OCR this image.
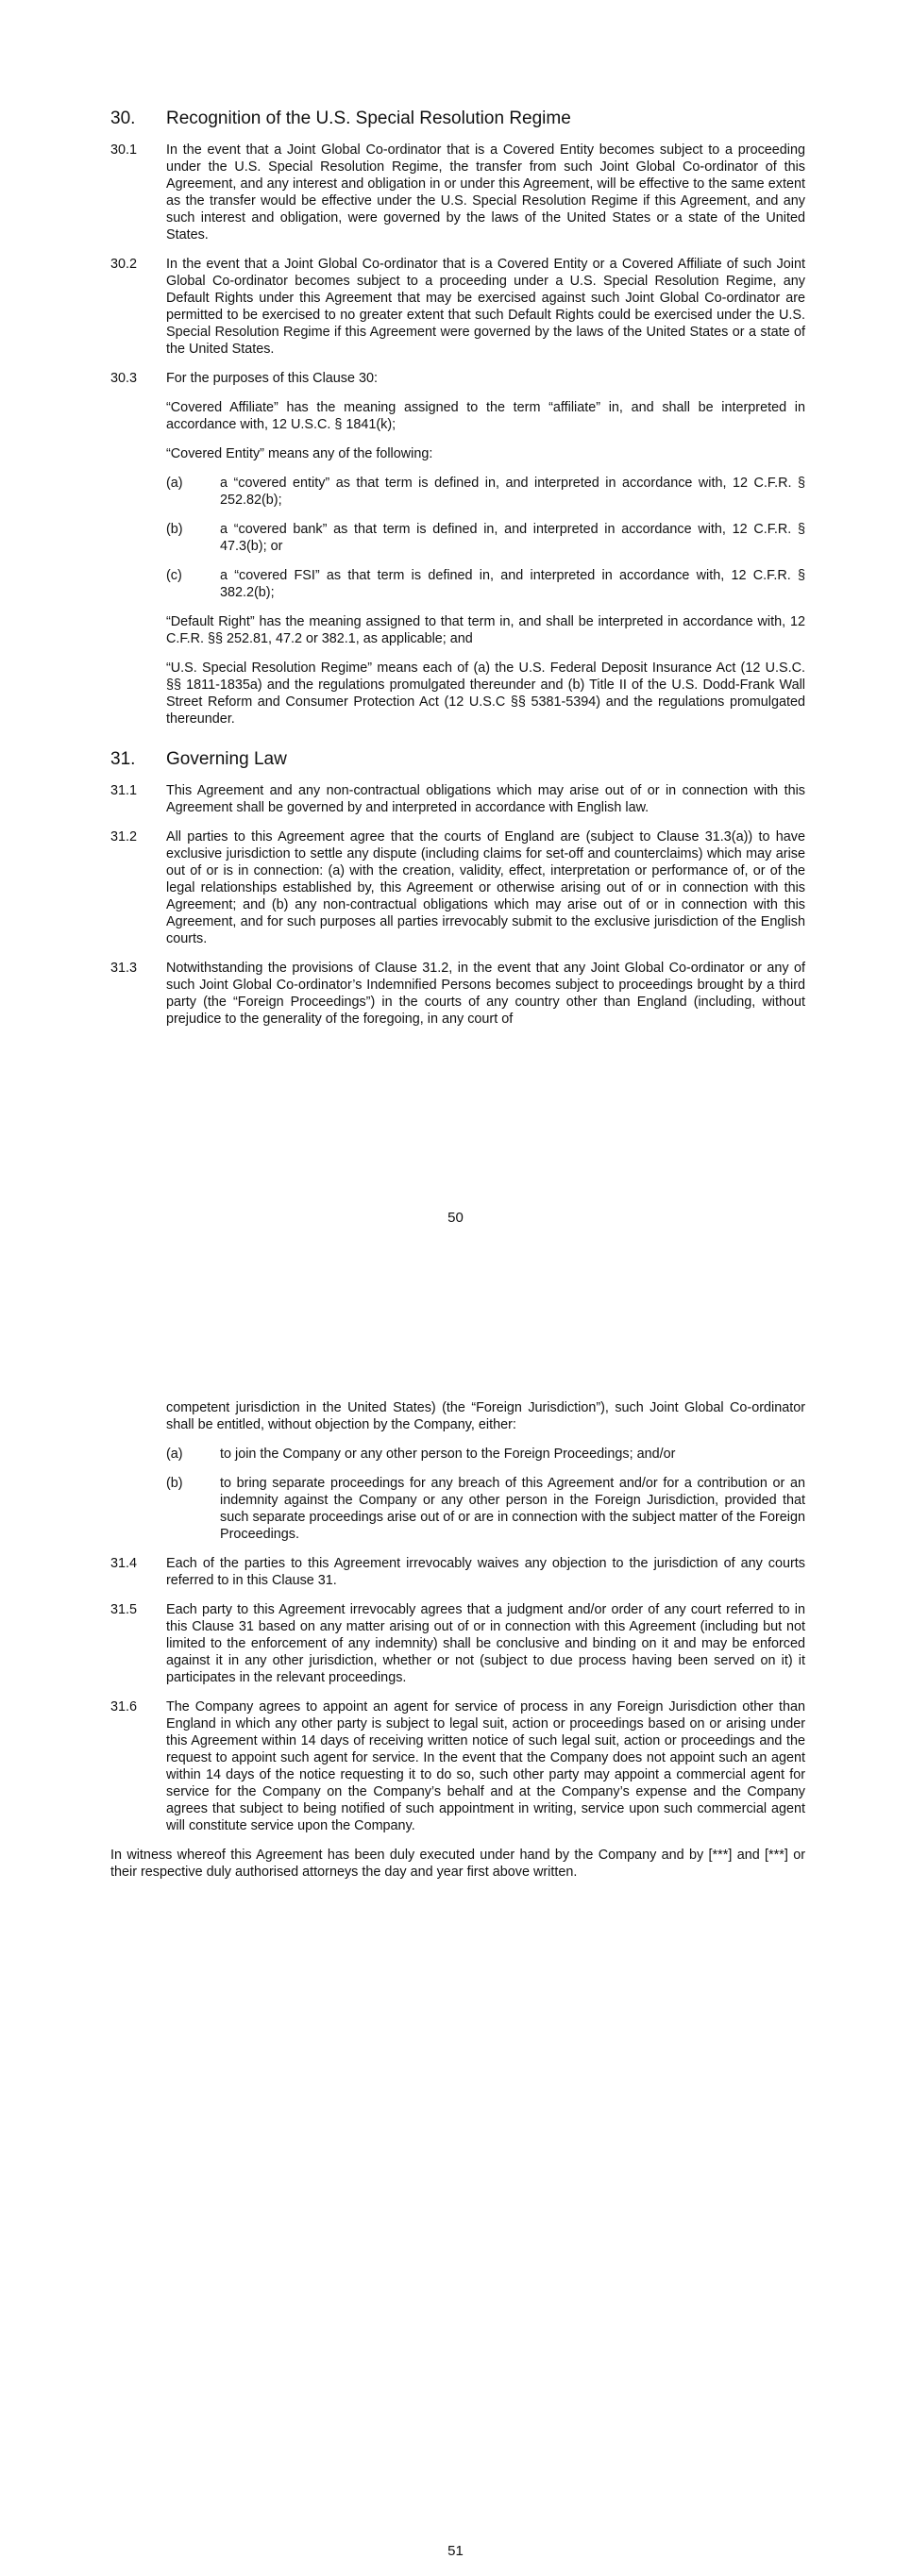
30.	Recognition of the U.S. Special Resolution Regime
30.1	In the event that a Joint Global Co-ordinator that is a Covered Entity becomes subject to a proceeding under the U.S. Special Resolution Regime, the transfer from such Joint Global Co-ordinator of this Agreement, and any interest and obligation in or under this Agreement, will be effective to the same extent as the transfer would be effective under the U.S. Special Resolution Regime if this Agreement, and any such interest and obligation, were governed by the laws of the United States or a state of the United States.

30.2	In the event that a Joint Global Co-ordinator that is a Covered Entity or a Covered Affiliate of such Joint Global Co-ordinator becomes subject to a proceeding under a U.S. Special Resolution Regime, any Default Rights under this Agreement that may be exercised against such Joint Global Co-ordinator are permitted to be exercised to no greater extent that such Default Rights could be exercised under the U.S. Special Resolution Regime if this Agreement were governed by the laws of the United States or a state of the United States.

30.3	For the purposes of this Clause 30:

“Covered Affiliate” has the meaning assigned to the term “affiliate” in, and shall be interpreted in accordance with, 12 U.S.C. § 1841(k);

“Covered Entity” means any of the following:

(a)	a “covered entity” as that term is defined in, and interpreted in accordance with, 12 C.F.R. § 252.82(b);
(b)	a “covered bank” as that term is defined in, and interpreted in accordance with, 12 C.F.R. § 47.3(b); or
(c)	a “covered FSI” as that term is defined in, and interpreted in accordance with, 12 C.F.R. § 382.2(b);

“Default Right” has the meaning assigned to that term in, and shall be interpreted in accordance with, 12 C.F.R. §§ 252.81, 47.2 or 382.1, as applicable; and

“U.S. Special Resolution Regime” means each of (a) the U.S. Federal Deposit Insurance Act (12 U.S.C. §§ 1811-1835a) and the regulations promulgated thereunder and (b) Title II of the U.S. Dodd-Frank Wall Street Reform and Consumer Protection Act (12 U.S.C §§ 5381-5394) and the regulations promulgated thereunder.

31.	Governing Law
31.1	This Agreement and any non-contractual obligations which may arise out of or in connection with this Agreement shall be governed by and interpreted in accordance with English law.

31.2	All parties to this Agreement agree that the courts of England are (subject to Clause 31.3(a)) to have exclusive jurisdiction to settle any dispute (including claims for set-off and counterclaims) which may arise out of or is in connection: (a) with the creation, validity, effect, interpretation or performance of, or of the legal relationships established by, this Agreement or otherwise arising out of or in connection with this Agreement; and (b) any non-contractual obligations which may arise out of or in connection with this Agreement, and for such purposes all parties irrevocably submit to the exclusive jurisdiction of the English courts.

31.3	Notwithstanding the provisions of Clause 31.2, in the event that any Joint Global Co-ordinator or any of such Joint Global Co-ordinator’s Indemnified Persons becomes subject to proceedings brought by a third party (the “Foreign Proceedings”) in the courts of any country other than England (including, without prejudice to the generality of the foregoing, in any court of

50

competent jurisdiction in the United States) (the “Foreign Jurisdiction”), such Joint Global Co-ordinator shall be entitled, without objection by the Company, either:

(a)	to join the Company or any other person to the Foreign Proceedings; and/or
(b)	to bring separate proceedings for any breach of this Agreement and/or for a contribution or an indemnity against the Company or any other person in the Foreign Jurisdiction, provided that such separate proceedings arise out of or are in connection with the subject matter of the Foreign Proceedings.
31.4	Each of the parties to this Agreement irrevocably waives any objection to the jurisdiction of any courts referred to in this Clause 31.

31.5	Each party to this Agreement irrevocably agrees that a judgment and/or order of any court referred to in this Clause 31 based on any matter arising out of or in connection with this Agreement (including but not limited to the enforcement of any indemnity) shall be conclusive and binding on it and may be enforced against it in any other jurisdiction, whether or not (subject to due process having been served on it) it participates in the relevant proceedings.

31.6	The Company agrees to appoint an agent for service of process in any Foreign Jurisdiction other than England in which any other party is subject to legal suit, action or proceedings based on or arising under this Agreement within 14 days of receiving written notice of such legal suit, action or proceedings and the request to appoint such agent for service. In the event that the Company does not appoint such an agent within 14 days of the notice requesting it to do so, such other party may appoint a commercial agent for service for the Company on the Company’s behalf and at the Company’s expense and the Company agrees that subject to being notified of such appointment in writing, service upon such commercial agent will constitute service upon the Company.

In witness whereof this Agreement has been duly executed under hand by the Company and by [***] and [***] or their respective duly authorised attorneys the day and year first above written.

51
